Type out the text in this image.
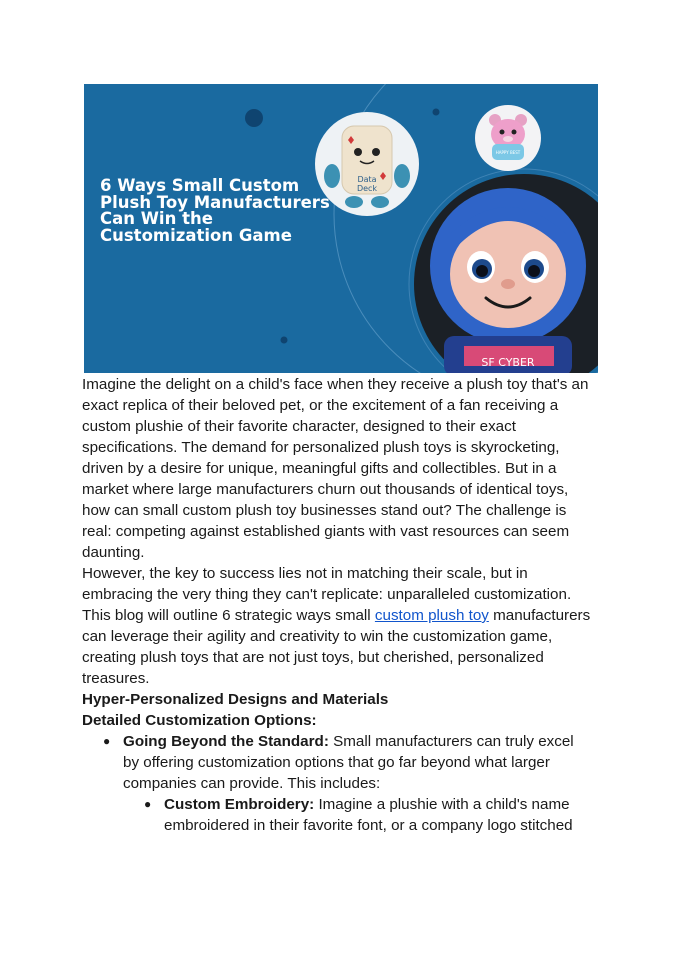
Data
Deck
HAPPY BEST
SF CYBER
6 Ways Small Custom Plush Toy Manufacturers Can Win the Customization Game

Imagine the delight on a child's face when they receive a plush toy that's an exact replica of their beloved pet, or the excitement of a fan receiving a custom plushie of their favorite character, designed to their exact specifications. The demand for personalized plush toys is skyrocketing, driven by a desire for unique, meaningful gifts and collectibles. But in a market where large manufacturers churn out thousands of identical toys, how can small custom plush toy businesses stand out? The challenge is real: competing against established giants with vast resources can seem daunting.

However, the key to success lies not in matching their scale, but in embracing the very thing they can't replicate: unparalleled customization. This blog will outline 6 strategic ways small custom plush toy manufacturers can leverage their agility and creativity to win the customization game, creating plush toys that are not just toys, but cherished, personalized treasures.

Hyper-Personalized Designs and Materials

Detailed Customization Options:

● Going Beyond the Standard: Small manufacturers can truly excel by offering customization options that go far beyond what larger companies can provide. This includes:
● Custom Embroidery: Imagine a plushie with a child's name embroidered in their favorite font, or a company logo stitched
